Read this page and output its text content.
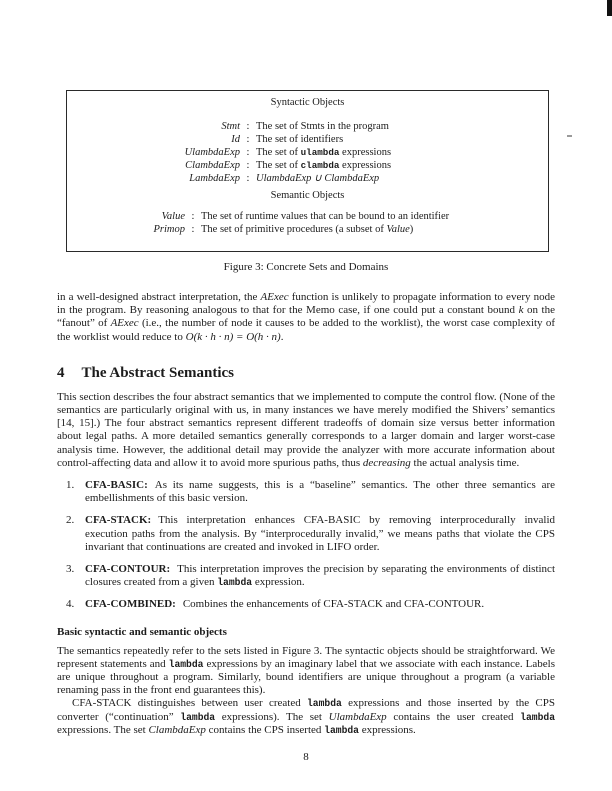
Syntactic Objects
Stmt : The set of Stmts in the program
Id : The set of identifiers
UlambdaExp : The set of ulambda expressions
ClambdaExp : The set of clambda expressions
LambdaExp : UlambdaExp ∪ ClambdaExp
Semantic Objects
Value : The set of runtime values that can be bound to an identifier
Primop : The set of primitive procedures (a subset of Value)
Figure 3: Concrete Sets and Domains

in a well-designed abstract interpretation, the AExec function is unlikely to propagate information to every node in the program. By reasoning analogous to that for the Memo case, if one could put a constant bound k on the “fanout” of AExec (i.e., the number of node it causes to be added to the worklist), the worst case complexity of the worklist would reduce to O(k · h · n) = O(h · n).

4 The Abstract Semantics

This section describes the four abstract semantics that we implemented to compute the control flow. (None of the semantics are particularly original with us, in many instances we have merely modified the Shivers’ semantics [14, 15].) The four abstract semantics represent different tradeoffs of domain size versus better information about legal paths. A more detailed semantics generally corresponds to a larger domain and larger worst-case analysis time. However, the additional detail may provide the analyzer with more accurate information about control-affecting data and allow it to avoid more spurious paths, thus decreasing the actual analysis time.

1. CFA-BASIC: As its name suggests, this is a “baseline” semantics. The other three semantics are embellishments of this basic version.
2. CFA-STACK: This interpretation enhances CFA-BASIC by removing interprocedurally invalid execution paths from the analysis. By “interprocedurally invalid,” we means paths that violate the CPS invariant that continuations are created and invoked in LIFO order.
3. CFA-CONTOUR: This interpretation improves the precision by separating the environments of distinct closures created from a given lambda expression.
4. CFA-COMBINED: Combines the enhancements of CFA-STACK and CFA-CONTOUR.
Basic syntactic and semantic objects

The semantics repeatedly refer to the sets listed in Figure 3. The syntactic objects should be straightforward. We represent statements and lambda expressions by an imaginary label that we associate with each instance. Labels are unique throughout a program. Similarly, bound identifiers are unique throughout a program (a variable renaming pass in the front end guarantees this).

CFA-STACK distinguishes between user created lambda expressions and those inserted by the CPS converter (“continuation” lambda expressions). The set UlambdaExp contains the user created lambda expressions. The set ClambdaExp contains the CPS inserted lambda expressions.

8
